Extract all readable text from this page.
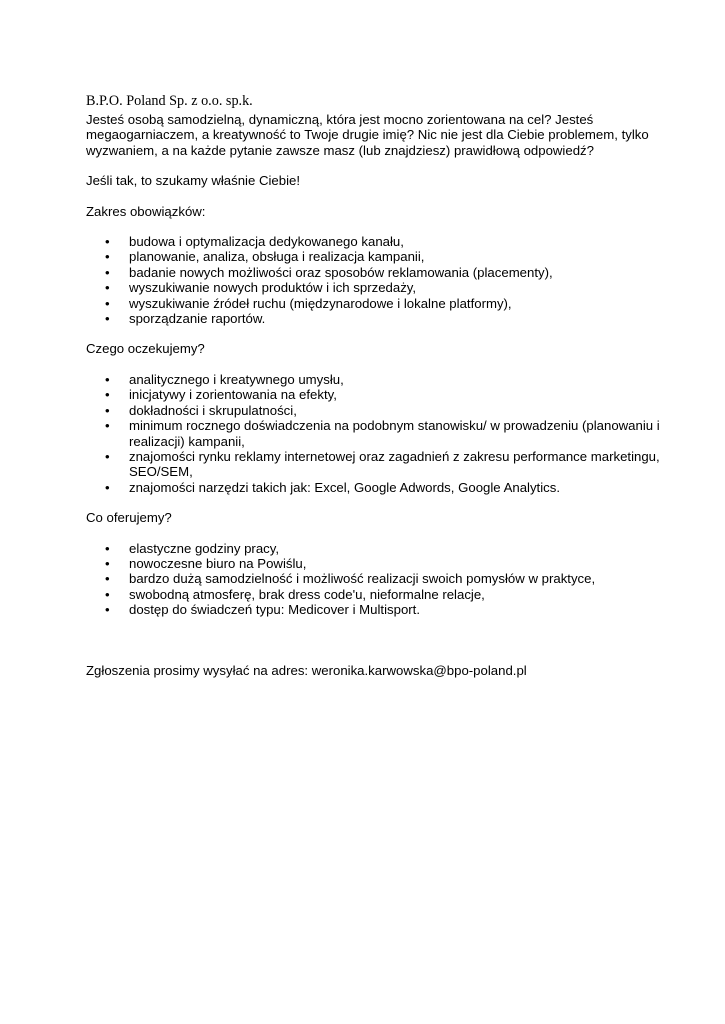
B.P.O. Poland Sp. z o.o. sp.k.

Jesteś osobą samodzielną, dynamiczną, która jest mocno zorientowana na cel? Jesteś megaogarniaczem, a kreatywność to Twoje drugie imię? Nic nie jest dla Ciebie problemem, tylko wyzwaniem, a na każde pytanie zawsze masz (lub znajdziesz) prawidłową odpowiedź?

Jeśli tak, to szukamy właśnie Ciebie!

Zakres obowiązków:

• budowa i optymalizacja dedykowanego kanału,
• planowanie, analiza, obsługa i realizacja kampanii,
• badanie nowych możliwości oraz sposobów reklamowania (placementy),
• wyszukiwanie nowych produktów i ich sprzedaży,
• wyszukiwanie źródeł ruchu (międzynarodowe i lokalne platformy),
• sporządzanie raportów.

Czego oczekujemy?

• analitycznego i kreatywnego umysłu,
• inicjatywy i zorientowania na efekty,
• dokładności i skrupulatności,
• minimum rocznego doświadczenia na podobnym stanowisku/ w prowadzeniu (planowaniu i realizacji) kampanii,
• znajomości rynku reklamy internetowej oraz zagadnień z zakresu performance marketingu, SEO/SEM,
• znajomości narzędzi takich jak: Excel, Google Adwords, Google Analytics.

Co oferujemy?

• elastyczne godziny pracy,
• nowoczesne biuro na Powiślu,
• bardzo dużą samodzielność i możliwość realizacji swoich pomysłów w praktyce,
• swobodną atmosferę, brak dress code'u, nieformalne relacje,
• dostęp do świadczeń typu: Medicover i Multisport.

Zgłoszenia prosimy wysyłać na adres: weronika.karwowska@bpo-poland.pl
